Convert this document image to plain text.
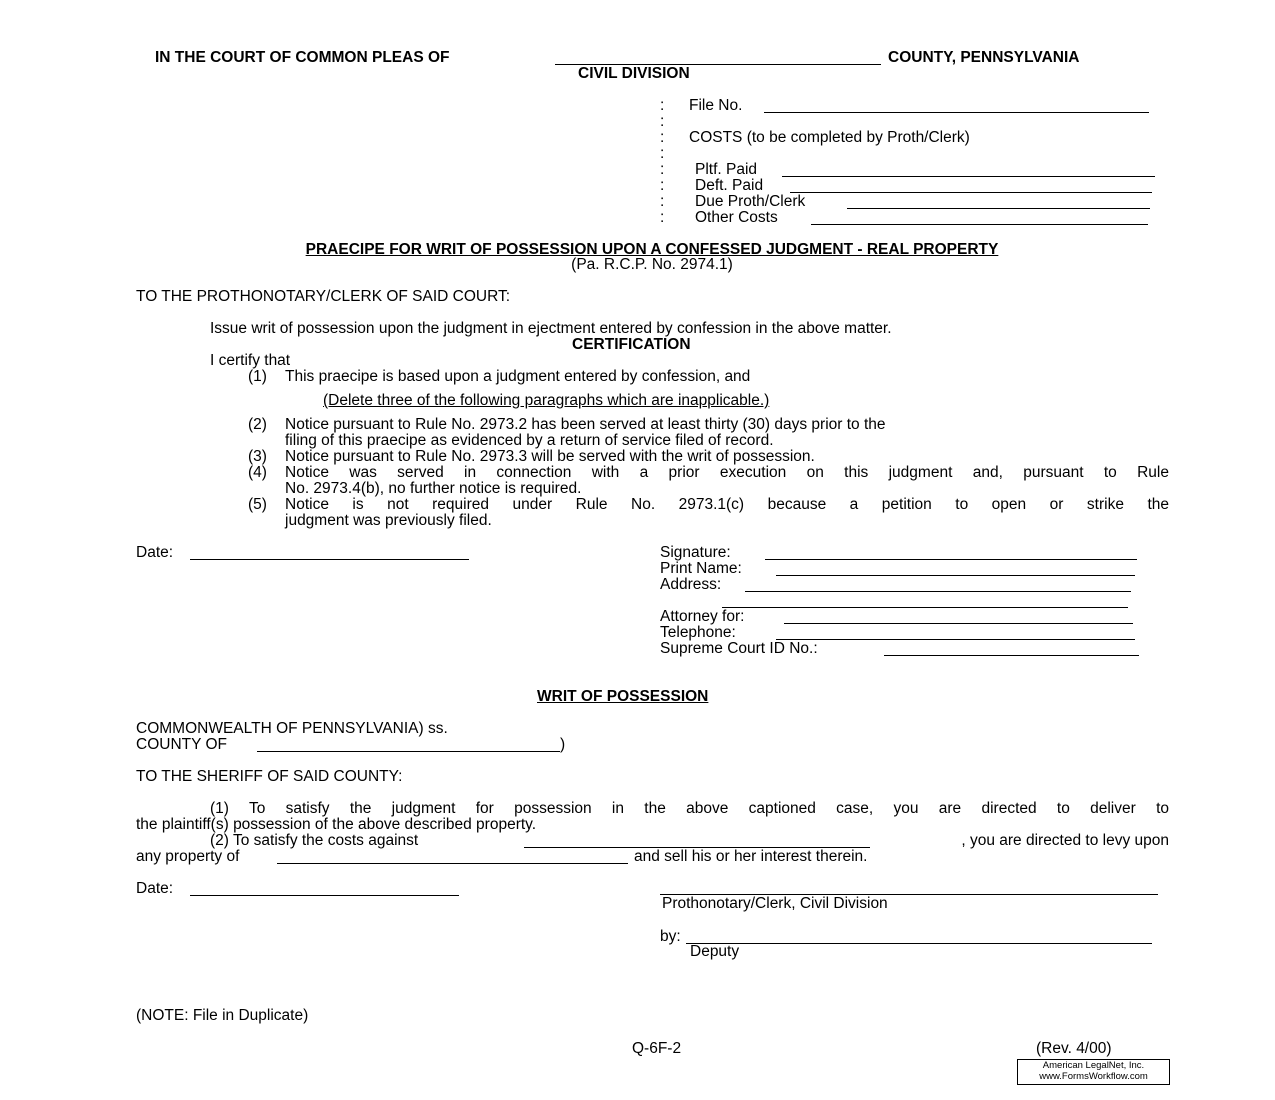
IN THE COURT OF COMMON PLEAS OF	COUNTY, PENNSYLVANIA
CIVIL DIVISION
:
:
:
:
:
:
:
:
File No.
COSTS (to be completed by Proth/Clerk)
Pltf. Paid
Deft. Paid
Due Proth/Clerk
Other Costs
PRAECIPE FOR WRIT OF POSSESSION UPON A CONFESSED JUDGMENT - REAL PROPERTY
(Pa. R.C.P. No. 2974.1)
TO THE PROTHONOTARY/CLERK OF SAID COURT:
Issue writ of possession upon the judgment in ejectment entered by confession in the above matter.
CERTIFICATION
I certify that
(1) This praecipe is based upon a judgment entered by confession, and
(Delete three of the following paragraphs which are inapplicable.)
(2) Notice pursuant to Rule No. 2973.2 has been served at least thirty (30) days prior to the
filing of this praecipe as evidenced by a return of service filed of record.
(3) Notice pursuant to Rule No. 2973.3 will be served with the writ of possession.
(4) Notice was served in connection with a prior execution on this judgment and, pursuant to Rule
No. 2973.4(b), no further notice is required.
(5) Notice is not required under Rule No. 2973.1(c) because a petition to open or strike the
judgment was previously filed.
Date:	Signature:
Print Name:
Address:
Attorney for:
Telephone:
Supreme Court ID No.:
WRIT OF POSSESSION
COMMONWEALTH OF PENNSYLVANIA) ss.
COUNTY OF	)
TO THE SHERIFF OF SAID COUNTY:
(1) To satisfy the judgment for possession in the above captioned case, you are directed to deliver to
the plaintiff(s) possession of the above described property.
(2) To satisfy the costs against	, you are directed to levy upon
any property of	and sell his or her interest therein.
Date:
Prothonotary/Clerk, Civil Division
by:
Deputy
(NOTE: File in Duplicate)
Q-6F-2	(Rev. 4/00)
American LegalNet, Inc.
www.FormsWorkflow.com
